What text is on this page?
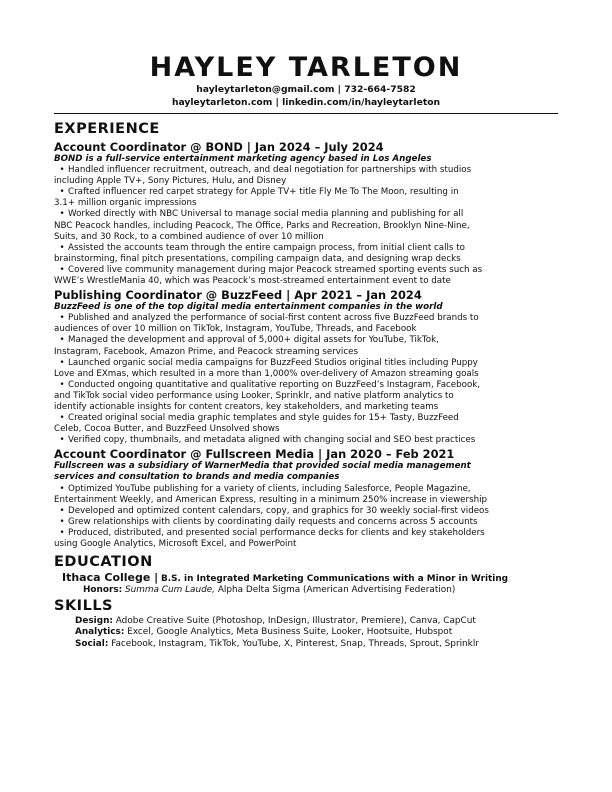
HAYLEY TARLETON
hayleytarleton@gmail.com | 732-664-7582
hayleytarleton.com | linkedin.com/in/hayleytarleton
EXPERIENCE
Account Coordinator @ BOND | Jan 2024 – July 2024
BOND is a full-service entertainment marketing agency based in Los Angeles
• Handled influencer recruitment, outreach, and deal negotiation for partnerships with studios
including Apple TV+, Sony Pictures, Hulu, and Disney
• Crafted influencer red carpet strategy for Apple TV+ title Fly Me To The Moon, resulting in
3.1+ million organic impressions
• Worked directly with NBC Universal to manage social media planning and publishing for all
NBC Peacock handles, including Peacock, The Office, Parks and Recreation, Brooklyn Nine-Nine,
Suits, and 30 Rock, to a combined audience of over 10 million
• Assisted the accounts team through the entire campaign process, from initial client calls to
brainstorming, final pitch presentations, compiling campaign data, and designing wrap decks
• Covered live community management during major Peacock streamed sporting events such as
WWE’s WrestleMania 40, which was Peacock’s most-streamed entertainment event to date
Publishing Coordinator @ BuzzFeed | Apr 2021 – Jan 2024
BuzzFeed is one of the top digital media entertainment companies in the world
• Published and analyzed the performance of social-first content across five BuzzFeed brands to
audiences of over 10 million on TikTok, Instagram, YouTube, Threads, and Facebook
• Managed the development and approval of 5,000+ digital assets for YouTube, TikTok,
Instagram, Facebook, Amazon Prime, and Peacock streaming services
• Launched organic social media campaigns for BuzzFeed Studios original titles including Puppy
Love and EXmas, which resulted in a more than 1,000% over-delivery of Amazon streaming goals
• Conducted ongoing quantitative and qualitative reporting on BuzzFeed’s Instagram, Facebook,
and TikTok social video performance using Looker, Sprinklr, and native platform analytics to
identify actionable insights for content creators, key stakeholders, and marketing teams
• Created original social media graphic templates and style guides for 15+ Tasty, BuzzFeed
Celeb, Cocoa Butter, and BuzzFeed Unsolved shows
• Verified copy, thumbnails, and metadata aligned with changing social and SEO best practices
Account Coordinator @ Fullscreen Media | Jan 2020 – Feb 2021
Fullscreen was a subsidiary of WarnerMedia that provided social media management
services and consultation to brands and media companies
• Optimized YouTube publishing for a variety of clients, including Salesforce, People Magazine,
Entertainment Weekly, and American Express, resulting in a minimum 250% increase in viewership
• Developed and optimized content calendars, copy, and graphics for 30 weekly social-first videos
• Grew relationships with clients by coordinating daily requests and concerns across 5 accounts
• Produced, distributed, and presented social performance decks for clients and key stakeholders
using Google Analytics, Microsoft Excel, and PowerPoint
EDUCATION
Ithaca College | B.S. in Integrated Marketing Communications with a Minor in Writing
Honors: Summa Cum Laude, Alpha Delta Sigma (American Advertising Federation)
SKILLS
Design: Adobe Creative Suite (Photoshop, InDesign, Illustrator, Premiere), Canva, CapCut
Analytics: Excel, Google Analytics, Meta Business Suite, Looker, Hootsuite, Hubspot
Social: Facebook, Instagram, TikTok, YouTube, X, Pinterest, Snap, Threads, Sprout, Sprinklr
